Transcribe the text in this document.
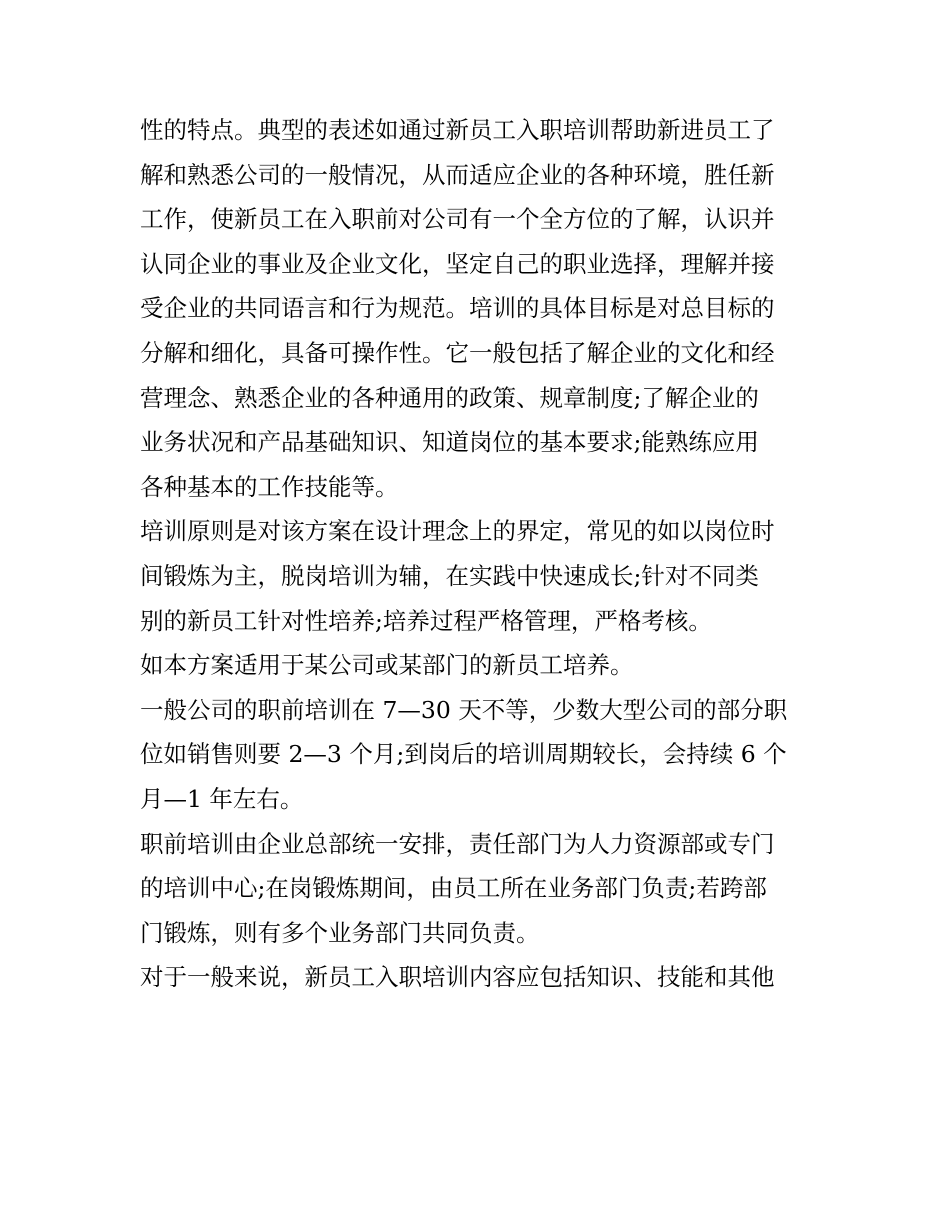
性的特点。典型的表述如通过新员工入职培训帮助新进员工了
解和熟悉公司的一般情况，从而适应企业的各种环境，胜任新
工作，使新员工在入职前对公司有一个全方位的了解，认识并
认同企业的事业及企业文化，坚定自己的职业选择，理解并接
受企业的共同语言和行为规范。培训的具体目标是对总目标的
分解和细化，具备可操作性。它一般包括了解企业的文化和经
营理念、熟悉企业的各种通用的政策、规章制度;了解企业的
业务状况和产品基础知识、知道岗位的基本要求;能熟练应用
各种基本的工作技能等。
培训原则是对该方案在设计理念上的界定，常见的如以岗位时
间锻炼为主，脱岗培训为辅，在实践中快速成长;针对不同类
别的新员工针对性培养;培养过程严格管理，严格考核。
如本方案适用于某公司或某部门的新员工培养。
一般公司的职前培训在 7—30 天不等，少数大型公司的部分职
位如销售则要 2—3 个月;到岗后的培训周期较长，会持续 6 个
月—1 年左右。
职前培训由企业总部统一安排，责任部门为人力资源部或专门
的培训中心;在岗锻炼期间，由员工所在业务部门负责;若跨部
门锻炼，则有多个业务部门共同负责。
对于一般来说，新员工入职培训内容应包括知识、技能和其他
